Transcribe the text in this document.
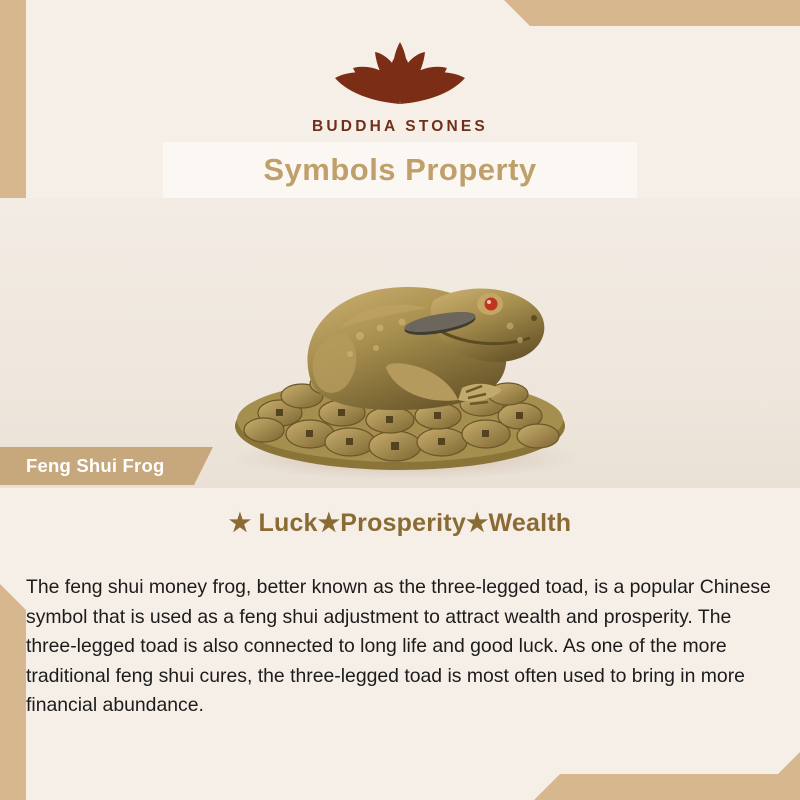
BUDDHA STONES
Symbols Property
Feng Shui Frog
★ Luck★Prosperity★Wealth

The feng shui money frog, better known as the three-legged toad, is a popular Chinese symbol that is used as a feng shui adjustment to attract wealth and prosperity. The three-legged toad is also connected to long life and good luck. As one of the more traditional feng shui cures, the three-legged toad is most often used to bring in more financial abundance.
